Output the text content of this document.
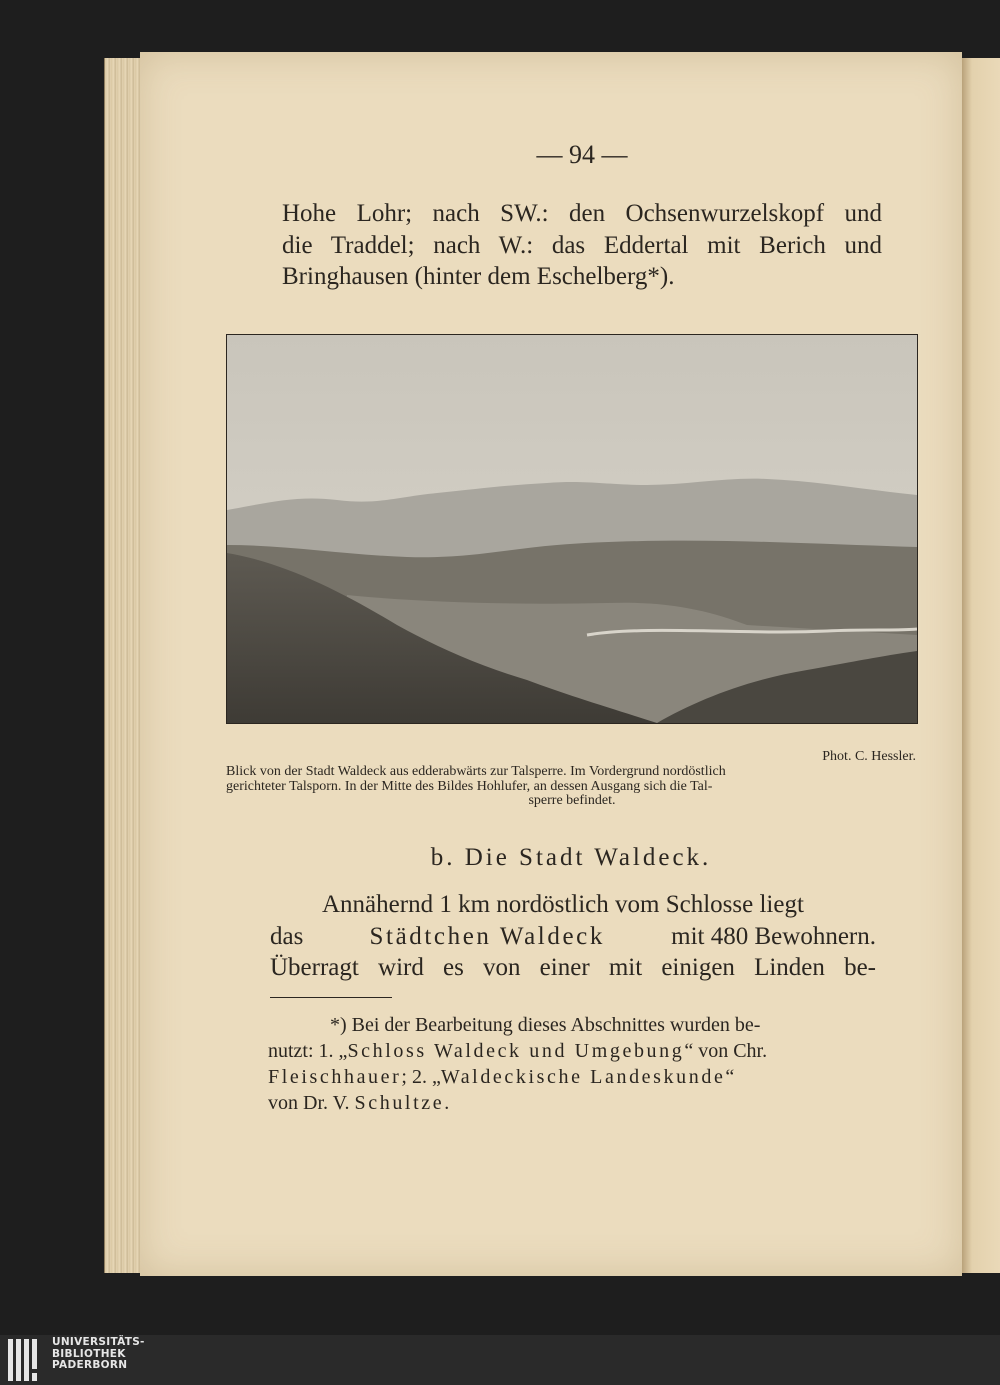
— 94 —
Hohe Lohr; nach SW.: den Ochsenwurzelskopf und
die Traddel; nach W.: das Eddertal mit Berich und
Bringhausen (hinter dem Eschelberg*).
Phot. C. Hessler.
Blick von der Stadt Waldeck aus edderabwärts zur Talsperre. Im Vordergrund nordöstlich
gerichteter Talsporn. In der Mitte des Bildes Hohlufer, an dessen Ausgang sich die Tal-
sperre befindet.
b. Die Stadt Waldeck.
Annähernd 1 km nordöstlich vom Schlosse liegt
das	Städtchen Waldeck	mit 480 Bewohnern.
Überragt wird es von einer mit einigen Linden be-
*) Bei der Bearbeitung dieses Abschnittes wurden be-
nutzt: 1. „Schloss Waldeck und Umgebung“ von Chr.
Fleischhauer; 2. „Waldeckische Landeskunde“
von Dr. V. Schultze.
UNIVERSITÄTS-
BIBLIOTHEK
PADERBORN
